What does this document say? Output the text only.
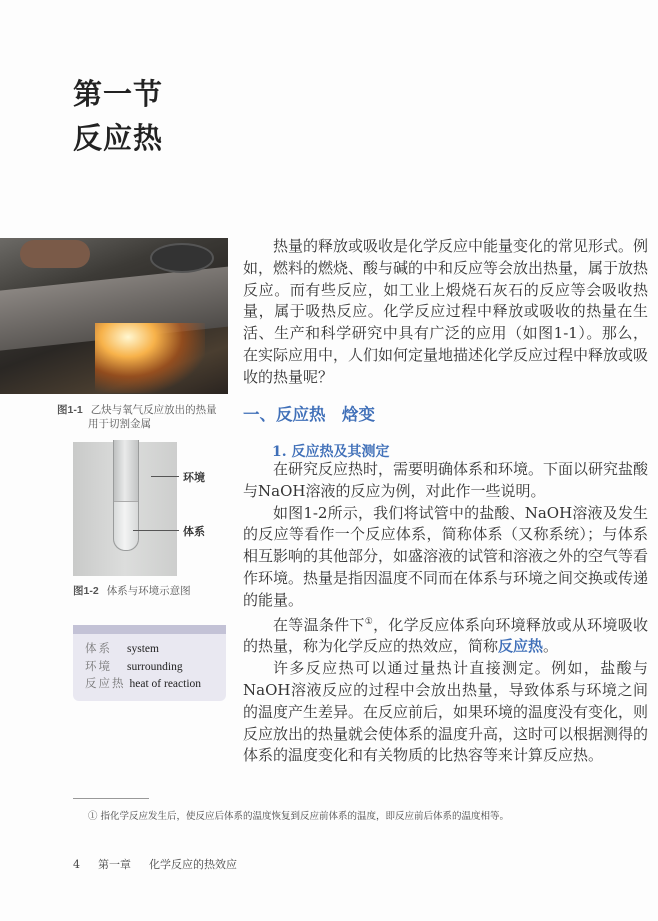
第一节
反应热
图1-1 乙炔与氧气反应放出的热量
用于切割金属
环境
体系
图1-2 体系与环境示意图
体系 system
环境 surrounding
反应热 heat of reaction

热量的释放或吸收是化学反应中能量变化的常见形式。例如，燃料的燃烧、酸与碱的中和反应等会放出热量，属于放热反应。而有些反应，如工业上煅烧石灰石的反应等会吸收热量，属于吸热反应。化学反应过程中释放或吸收的热量在生活、生产和科学研究中具有广泛的应用（如图1-1）。那么，在实际应用中，人们如何定量地描述化学反应过程中释放或吸收的热量呢？

一、反应热　焓变
1. 反应热及其测定

在研究反应热时，需要明确体系和环境。下面以研究盐酸与NaOH溶液的反应为例，对此作一些说明。

如图1-2所示，我们将试管中的盐酸、NaOH溶液及发生的反应等看作一个反应体系，简称体系（又称系统）；与体系相互影响的其他部分，如盛溶液的试管和溶液之外的空气等看作环境。热量是指因温度不同而在体系与环境之间交换或传递的能量。

在等温条件下①，化学反应体系向环境释放或从环境吸收的热量，称为化学反应的热效应，简称反应热。

许多反应热可以通过量热计直接测定。例如，盐酸与NaOH溶液反应的过程中会放出热量，导致体系与环境之间的温度产生差异。在反应前后，如果环境的温度没有变化，则反应放出的热量就会使体系的温度升高，这时可以根据测得的体系的温度变化和有关物质的比热容等来计算反应热。

① 指化学反应发生后，使反应后体系的温度恢复到反应前体系的温度，即反应前后体系的温度相等。
4 第一章 化学反应的热效应
